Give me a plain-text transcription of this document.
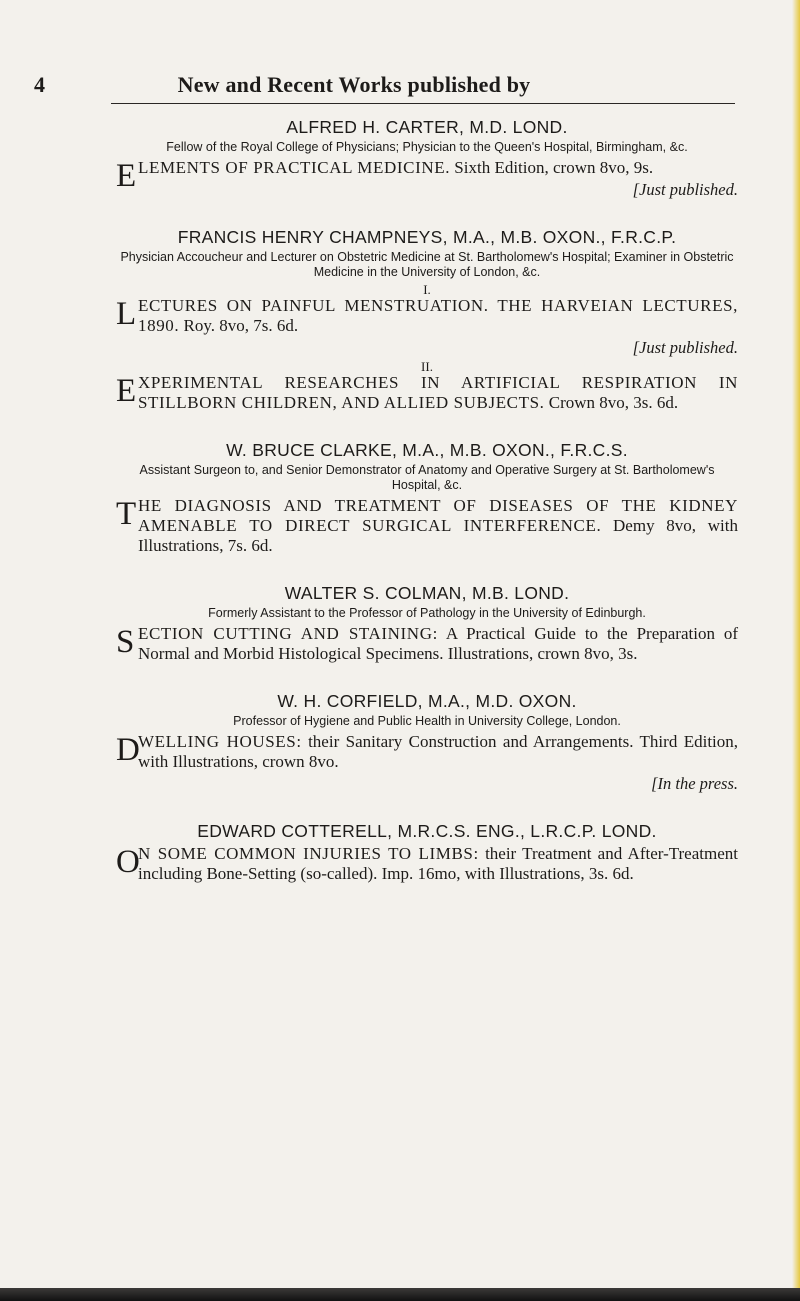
4	New and Recent Works published by
ALFRED H. CARTER, M.D. LOND.
Fellow of the Royal College of Physicians; Physician to the Queen's Hospital, Birmingham, &c.
E LEMENTS OF PRACTICAL MEDICINE. Sixth Edition, crown 8vo, 9s.
[Just published.
FRANCIS HENRY CHAMPNEYS, M.A., M.B. OXON., F.R.C.P.
Physician Accoucheur and Lecturer on Obstetric Medicine at St. Bartholomew's Hospital; Examiner in Obstetric Medicine in the University of London, &c.
I.
L ECTURES ON PAINFUL MENSTRUATION. THE HARVEIAN LECTURES, 1890. Roy. 8vo, 7s. 6d.
[Just published.
II.
E XPERIMENTAL RESEARCHES IN ARTIFICIAL RESPIRATION IN STILLBORN CHILDREN, AND ALLIED SUBJECTS. Crown 8vo, 3s. 6d.
W. BRUCE CLARKE, M.A., M.B. OXON., F.R.C.S.
Assistant Surgeon to, and Senior Demonstrator of Anatomy and Operative Surgery at St. Bartholomew's Hospital, &c.
T HE DIAGNOSIS AND TREATMENT OF DISEASES OF THE KIDNEY AMENABLE TO DIRECT SURGICAL INTERFERENCE. Demy 8vo, with Illustrations, 7s. 6d.
WALTER S. COLMAN, M.B. LOND.
Formerly Assistant to the Professor of Pathology in the University of Edinburgh.
S ECTION CUTTING AND STAINING: A Practical Guide to the Preparation of Normal and Morbid Histological Specimens. Illustrations, crown 8vo, 3s.
W. H. CORFIELD, M.A., M.D. OXON.
Professor of Hygiene and Public Health in University College, London.
D
WELLING HOUSES: their Sanitary Construction and Arrangements. Third Edition, with Illustrations, crown 8vo.
[In the press.
EDWARD COTTERELL, M.R.C.S. ENG., L.R.C.P. LOND.
O
N SOME COMMON INJURIES TO LIMBS: their Treatment and After-Treatment including Bone-Setting (so-called). Imp. 16mo, with Illustrations, 3s. 6d.
